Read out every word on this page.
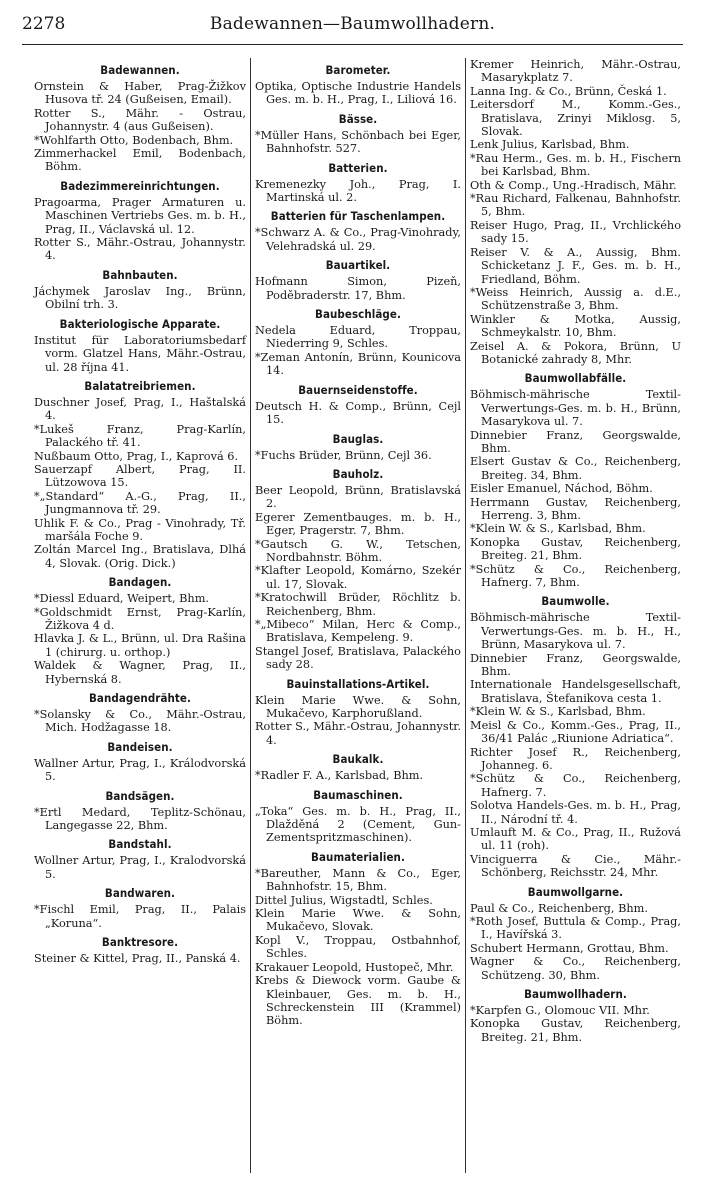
2278	Badewannen—Baumwollhadern.
Badewannen.
Ornstein & Haber, Prag-Žižkov Husova tř. 24 (Gußeisen, Email).
Rotter S., Mähr. - Ostrau, Johannystr. 4 (aus Gußeisen).
*Wohlfarth Otto, Bodenbach, Bhm.
Zimmerhackel Emil, Bodenbach, Böhm.
Badezimmereinrichtungen.
Pragoarma, Prager Armaturen u. Maschinen Vertriebs Ges. m. b. H., Prag, II., Václavská ul. 12.
Rotter S., Mähr.-Ostrau, Johannystr. 4.
Bahnbauten.
Jáchymek Jaroslav Ing., Brünn, Obilní trh. 3.
Bakteriologische Apparate.
Institut für Laboratoriumsbedarf vorm. Glatzel Hans, Mähr.-Ostrau, ul. 28 října 41.
Balatatreibriemen.
Duschner Josef, Prag, I., Haštalská 4.
*Lukeš Franz, Prag-Karlín, Palackého tř. 41.
Nußbaum Otto, Prag, I., Kaprová 6.
Sauerzapf Albert, Prag, II. Lützowova 15.
*„Standard“ A.-G., Prag, II., Jungmannova tř. 29.
Uhlik F. & Co., Prag - Vinohrady, Tř. maršála Foche 9.
Zoltán Marcel Ing., Bratislava, Dlhá 4, Slovak. (Orig. Dick.)
Bandagen.
*Diessl Eduard, Weipert, Bhm.
*Goldschmidt Ernst, Prag-Karlín, Žižkova 4 d.
Hlavka J. & L., Brünn, ul. Dra Rašina 1 (chirurg. u. orthop.)
Waldek & Wagner, Prag, II., Hybernská 8.
Bandagendrähte.
*Solansky & Co., Mähr.-Ostrau, Mich. Hodžagasse 18.
Bandeisen.
Wallner Artur, Prag, I., Králodvorská 5.
Bandsägen.
*Ertl Medard, Teplitz-Schönau, Langegasse 22, Bhm.
Bandstahl.
Wollner Artur, Prag, I., Kralodvorská 5.
Bandwaren.
*Fischl Emil, Prag, II., Palais „Koruna“.
Banktresore.
Steiner & Kittel, Prag, II., Panská 4.
Barometer.
Optika, Optische Industrie Handels Ges. m. b. H., Prag, I., Liliová 16.
Bässe.
*Müller Hans, Schönbach bei Eger, Bahnhofstr. 527.
Batterien.
Kremenezky Joh., Prag, I. Martinská ul. 2.
Batterien für Taschenlampen.
*Schwarz A. & Co., Prag-Vinohrady, Velehradská ul. 29.
Bauartikel.
Hofmann Simon, Pizeň, Poděbraderstr. 17, Bhm.
Baubeschläge.
Nedela Eduard, Troppau, Niederring 9, Schles.
*Zeman Antonín, Brünn, Kounicova 14.
Bauernseidenstoffe.
Deutsch H. & Comp., Brünn, Cejl 15.
Bauglas.
*Fuchs Brüder, Brünn, Cejl 36.
Bauholz.
Beer Leopold, Brünn, Bratislavská 2.
Egerer Zementbauges. m. b. H., Eger, Pragerstr. 7, Bhm.
*Gautsch G. W., Tetschen, Nordbahnstr. Böhm.
*Klafter Leopold, Komárno, Szekér ul. 17, Slovak.
*Kratochwill Brüder, Röchlitz b. Reichenberg, Bhm.
*„Mibeco“ Milan, Herc & Comp., Bratislava, Kempeleng. 9.
Stangel Josef, Bratislava, Palackého sady 28.
Bauinstallations-Artikel.
Klein Marie Wwe. & Sohn, Mukačevo, Karphorußland.
Rotter S., Mähr.-Ostrau, Johannystr. 4.
Baukalk.
*Radler F. A., Karlsbad, Bhm.
Baumaschinen.
„Toka“ Ges. m. b. H., Prag, II., Dlažděná 2 (Cement, Gun-Zementspritzmaschinen).
Baumaterialien.
*Bareuther, Mann & Co., Eger, Bahnhofstr. 15, Bhm.
Dittel Julius, Wigstadtl, Schles.
Klein Marie Wwe. & Sohn, Mukačevo, Slovak.
Kopl V., Troppau, Ostbahnhof, Schles.
Krakauer Leopold, Hustopeč, Mhr.
Krebs & Diewock vorm. Gaube & Kleinbauer, Ges. m. b. H., Schreckenstein III (Krammel) Böhm.
Kremer Heinrich, Mähr.-Ostrau, Masarykplatz 7.
Lanna Ing. & Co., Brünn, Česká 1.
Leitersdorf M., Komm.-Ges., Bratislava, Zrinyi Miklosg. 5, Slovak.
Lenk Julius, Karlsbad, Bhm.
*Rau Herm., Ges. m. b. H., Fischern bei Karlsbad, Bhm.
Oth & Comp., Ung.-Hradisch, Mähr.
*Rau Richard, Falkenau, Bahnhofstr. 5, Bhm.
Reiser Hugo, Prag, II., Vrchlického sady 15.
Reiser V. & A., Aussig, Bhm. Schicketanz J. F., Ges. m. b. H., Friedland, Böhm.
*Weiss Heinrich, Aussig a. d.E., Schützenstraße 3, Bhm.
Winkler & Motka, Aussig, Schmeykalstr. 10, Bhm.
Zeisel A. & Pokora, Brünn, U Botanické zahrady 8, Mhr.
Baumwollabfälle.
Böhmisch-mährische Textil-Verwertungs-Ges. m. b. H., Brünn, Masarykova ul. 7.
Dinnebier Franz, Georgswalde, Bhm.
Elsert Gustav & Co., Reichenberg, Breiteg. 34, Bhm.
Eisler Emanuel, Náchod, Böhm.
Herrmann Gustav, Reichenberg, Herreng. 3, Bhm.
*Klein W. & S., Karlsbad, Bhm.
Konopka Gustav, Reichenberg, Breiteg. 21, Bhm.
*Schütz & Co., Reichenberg, Hafnerg. 7, Bhm.
Baumwolle.
Böhmisch-mährische Textil-Verwertungs-Ges. m. b. H., H., Brünn, Masarykova ul. 7.
Dinnebier Franz, Georgswalde, Bhm.
Internationale Handelsgesellschaft, Bratislava, Štefanikova cesta 1.
*Klein W. & S., Karlsbad, Bhm.
Meisl & Co., Komm.-Ges., Prag, II., 36/41 Palác „Riunione Adriatica“.
Richter Josef R., Reichenberg, Johanneg. 6.
*Schütz & Co., Reichenberg, Hafnerg. 7.
Solotva Handels-Ges. m. b. H., Prag, II., Národní tř. 4.
Umlauft M. & Co., Prag, II., Ružová ul. 11 (roh).
Vinciguerra & Cie., Mähr.-Schönberg, Reichsstr. 24, Mhr.
Baumwollgarne.
Paul & Co., Reichenberg, Bhm.
*Roth Josef, Buttula & Comp., Prag, I., Havířská 3.
Schubert Hermann, Grottau, Bhm.
Wagner & Co., Reichenberg, Schützeng. 30, Bhm.
Baumwollhadern.
*Karpfen G., Olomouc VII. Mhr.
Konopka Gustav, Reichenberg, Breiteg. 21, Bhm.
